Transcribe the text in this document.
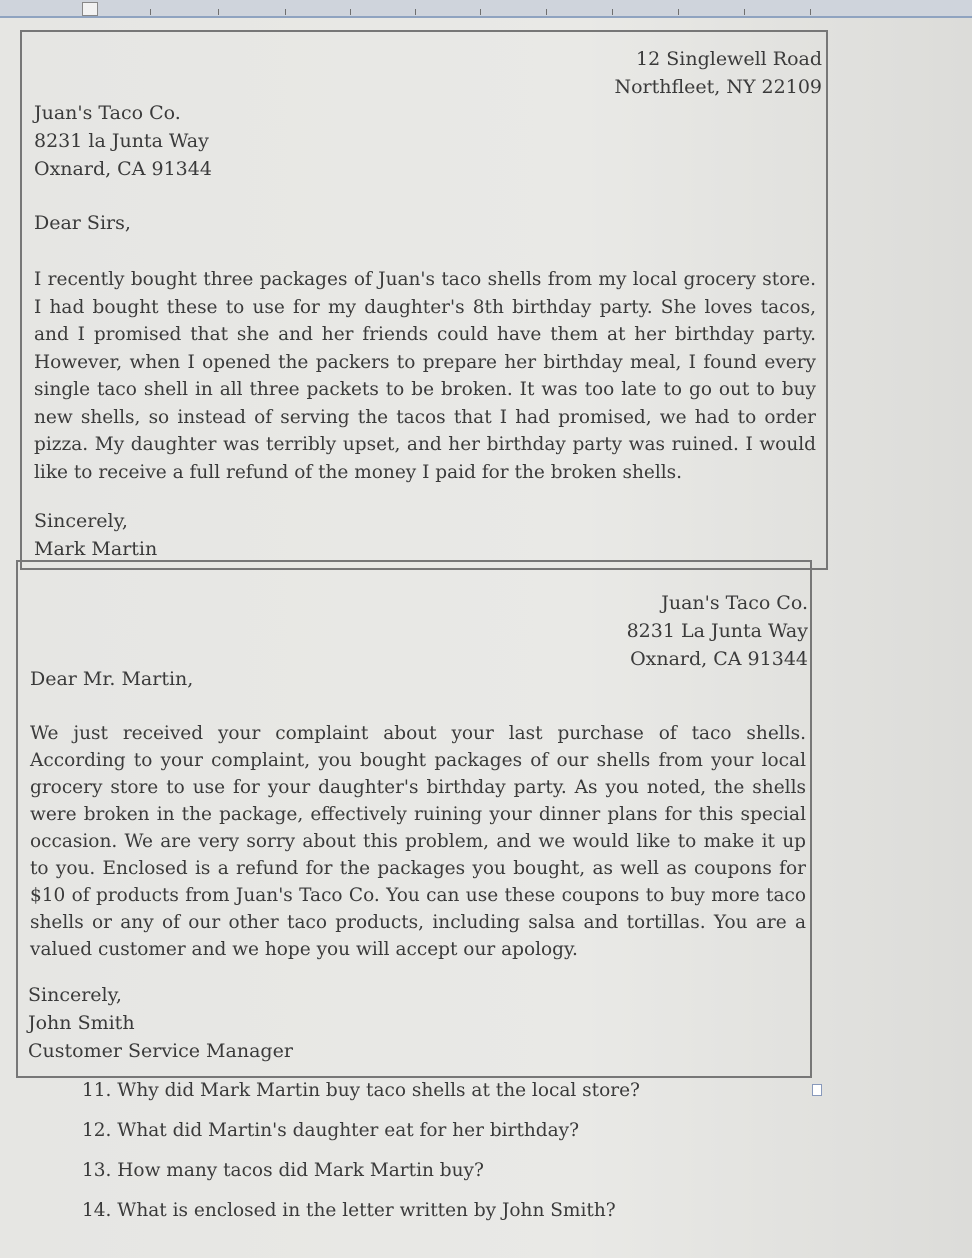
12 Singlewell Road
Northfleet, NY 22109
Juan's Taco Co.
8231 la Junta Way
Oxnard, CA 91344
Dear Sirs,
I recently bought three packages of Juan's taco shells from my local grocery store. I had bought these to use for my daughter's 8th birthday party. She loves tacos, and I promised that she and her friends could have them at her birthday party. However, when I opened the packers to prepare her birthday meal, I found every single taco shell in all three packets to be broken. It was too late to go out to buy new shells, so instead of serving the tacos that I had promised, we had to order pizza. My daughter was terribly upset, and her birthday party was ruined. I would like to receive a full refund of the money I paid for the broken shells.
Sincerely,
Mark Martin
Juan's Taco Co.
8231 La Junta Way
Oxnard, CA 91344
Dear Mr. Martin,
We just received your complaint about your last purchase of taco shells. According to your complaint, you bought packages of our shells from your local grocery store to use for your daughter's birthday party. As you noted, the shells were broken in the package, effectively ruining your dinner plans for this special occasion. We are very sorry about this problem, and we would like to make it up to you. Enclosed is a refund for the packages you bought, as well as coupons for $10 of products from Juan's Taco Co. You can use these coupons to buy more taco shells or any of our other taco products, including salsa and tortillas. You are a valued customer and we hope you will accept our apology.
Sincerely,
John Smith
Customer Service Manager
11. Why did Mark Martin buy taco shells at the local store?
12. What did Martin's daughter eat for her birthday?
13. How many tacos did Mark Martin buy?
14. What is enclosed in the letter written by John Smith?
